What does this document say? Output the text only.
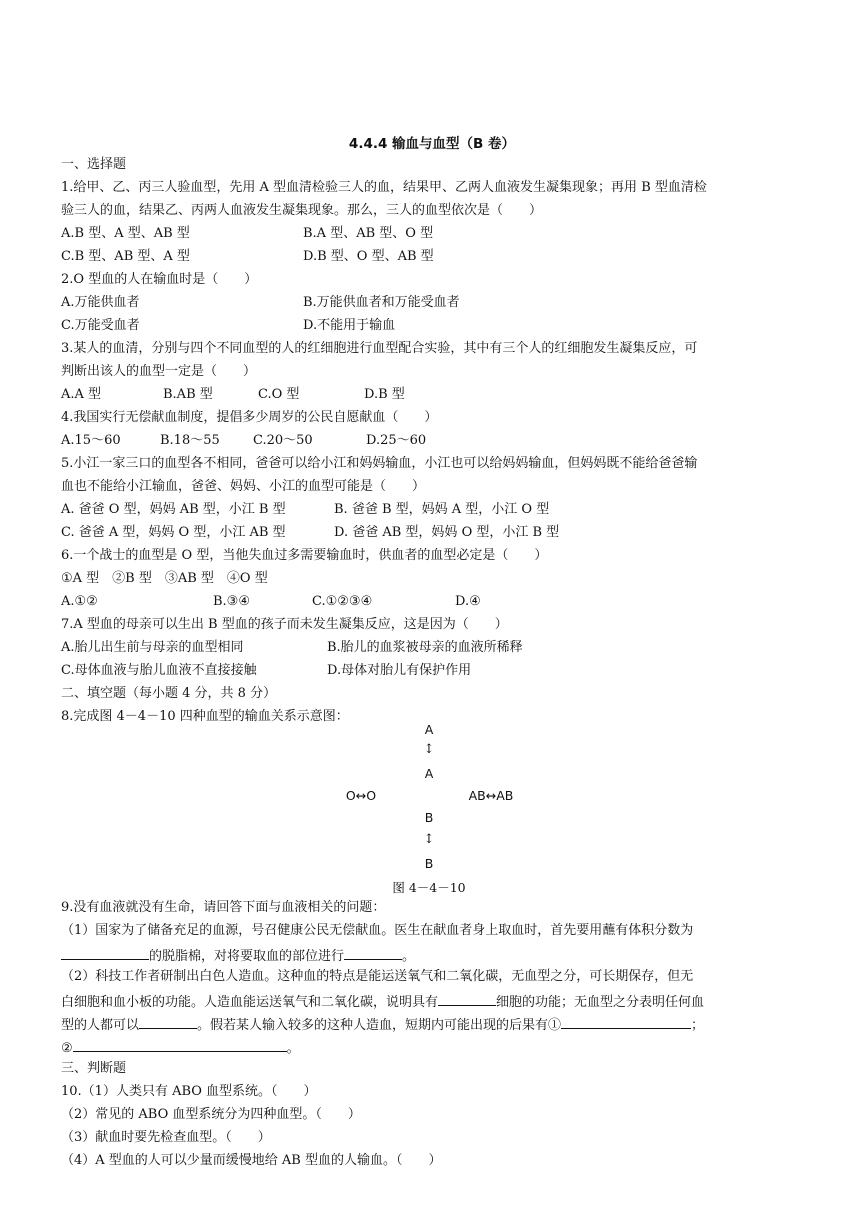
4.4.4 输血与血型（B 卷）
一、选择题
1.给甲、乙、丙三人验血型，先用 A 型血清检验三人的血，结果甲、乙两人血液发生凝集现象；再用 B 型血清检
验三人的血，结果乙、丙两人血液发生凝集现象。那么，三人的血型依次是（　　）
A.B 型、A 型、AB 型	B.A 型、AB 型、O 型
C.B 型、AB 型、A 型	D.B 型、O 型、AB 型
2.O 型血的人在输血时是（　　）
A.万能供血者	B.万能供血者和万能受血者
C.万能受血者	D.不能用于输血
3.某人的血清，分别与四个不同血型的人的红细胞进行血型配合实验，其中有三个人的红细胞发生凝集反应，可
判断出该人的血型一定是（　　）
A.A 型	B.AB 型	C.O 型	D.B 型
4.我国实行无偿献血制度，提倡多少周岁的公民自愿献血（　　）
A.15～60	B.18～55	C.20～50	D.25～60
5.小江一家三口的血型各不相同，爸爸可以给小江和妈妈输血，小江也可以给妈妈输血，但妈妈既不能给爸爸输
血也不能给小江输血，爸爸、妈妈、小江的血型可能是（　　）
A. 爸爸 O 型，妈妈 AB 型，小江 B 型	B. 爸爸 B 型，妈妈 A 型，小江 O 型
C. 爸爸 A 型，妈妈 O 型，小江 AB 型	D. 爸爸 AB 型，妈妈 O 型，小江 B 型
6.一个战士的血型是 O 型，当他失血过多需要输血时，供血者的血型必定是（　　）
①A 型　②B 型　③AB 型　④O 型
A.①②	B.③④	C.①②③④	D.④
7.A 型血的母亲可以生出 B 型血的孩子而未发生凝集反应，这是因为（　　）
A.胎儿出生前与母亲的血型相同	B.胎儿的血浆被母亲的血液所稀释
C.母体血液与胎儿血液不直接接触	D.母体对胎儿有保护作用
二、填空题（每小题 4 分，共 8 分）
8.完成图 4－4－10 四种血型的输血关系示意图：
A
↕
A
O↔O	AB↔AB
B
↕
B
图 4－4－10
9.没有血液就没有生命，请回答下面与血液相关的问题：
（1）国家为了储备充足的血源，号召健康公民无偿献血。医生在献血者身上取血时，首先要用蘸有体积分数为
的脱脂棉，对将要取血的部位进行	。
（2）科技工作者研制出白色人造血。这种血的特点是能运送氧气和二氧化碳，无血型之分，可长期保存，但无
白细胞和血小板的功能。人造血能运送氧气和二氧化碳，说明具有	细胞的功能；无血型之分表明任何血
型的人都可以	。假若某人输入较多的这种人造血，短期内可能出现的后果有①	；
②	。
三、判断题
10.（1）人类只有 ABO 血型系统。（　　）
（2）常见的 ABO 血型系统分为四种血型。（　　）
（3）献血时要先检查血型。（　　）
（4）A 型血的人可以少量而缓慢地给 AB 型血的人输血。（　　）
